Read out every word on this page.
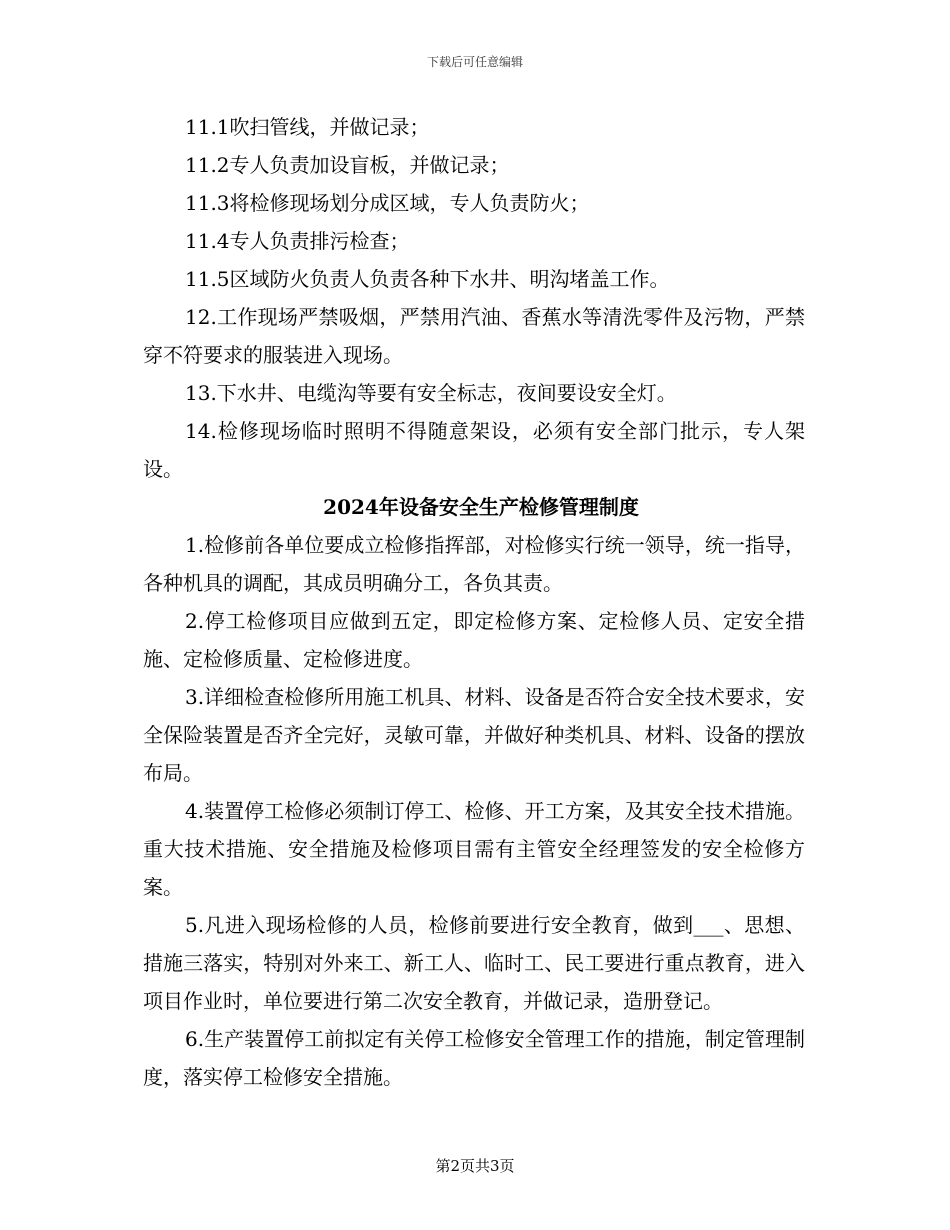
下载后可任意编辑

11.1吹扫管线，并做记录；

11.2专人负责加设盲板，并做记录；

11.3将检修现场划分成区域，专人负责防火；

11.4专人负责排污检查；

11.5区域防火负责人负责各种下水井、明沟堵盖工作。

12.工作现场严禁吸烟，严禁用汽油、香蕉水等清洗零件及污物，严禁穿不符要求的服装进入现场。

13.下水井、电缆沟等要有安全标志，夜间要设安全灯。

14.检修现场临时照明不得随意架设，必须有安全部门批示，专人架设。

2024年设备安全生产检修管理制度

1.检修前各单位要成立检修指挥部，对检修实行统一领导，统一指导，各种机具的调配，其成员明确分工，各负其责。

2.停工检修项目应做到五定，即定检修方案、定检修人员、定安全措施、定检修质量、定检修进度。

3.详细检查检修所用施工机具、材料、设备是否符合安全技术要求，安全保险装置是否齐全完好，灵敏可靠，并做好种类机具、材料、设备的摆放布局。

4.装置停工检修必须制订停工、检修、开工方案，及其安全技术措施。重大技术措施、安全措施及检修项目需有主管安全经理签发的安全检修方案。

5.凡进入现场检修的人员，检修前要进行安全教育，做到___、思想、措施三落实，特别对外来工、新工人、临时工、民工要进行重点教育，进入项目作业时，单位要进行第二次安全教育，并做记录，造册登记。

6.生产装置停工前拟定有关停工检修安全管理工作的措施，制定管理制度，落实停工检修安全措施。

第2页共3页
